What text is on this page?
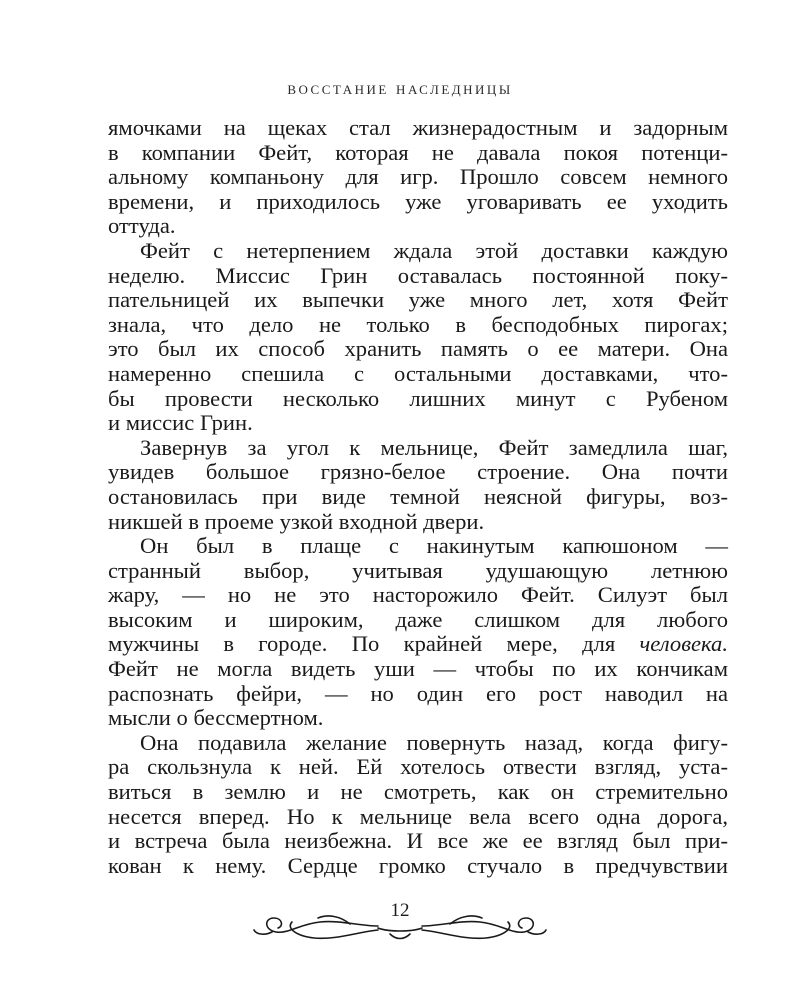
восстание наследницы
ямочками на щеках стал жизнерадостным и задорным
в компании Фейт, которая не давала покоя потенци-
альному компаньону для игр. Прошло совсем немного
времени, и приходилось уже уговаривать ее уходить
оттуда.
Фейт с нетерпением ждала этой доставки каждую
неделю. Миссис Грин оставалась постоянной поку-
пательницей их выпечки уже много лет, хотя Фейт
знала, что дело не только в бесподобных пирогах;
это был их способ хранить память о ее матери. Она
намеренно спешила с остальными доставками, что-
бы провести несколько лишних минут с Рубеном
и миссис Грин.
Завернув за угол к мельнице, Фейт замедлила шаг,
увидев большое грязно-белое строение. Она почти
остановилась при виде темной неясной фигуры, воз-
никшей в проеме узкой входной двери.
Он был в плаще с накинутым капюшоном —
странный выбор, учитывая удушающую летнюю
жару, — но не это насторожило Фейт. Силуэт был
высоким и широким, даже слишком для любого
мужчины в городе. По крайней мере, для человека.
Фейт не могла видеть уши — чтобы по их кончикам
распознать фейри, — но один его рост наводил на
мысли о бессмертном.
Она подавила желание повернуть назад, когда фигу-
ра скользнула к ней. Ей хотелось отвести взгляд, уста-
виться в землю и не смотреть, как он стремительно
несется вперед. Но к мельнице вела всего одна дорога,
и встреча была неизбежна. И все же ее взгляд был при-
кован к нему. Сердце громко стучало в предчувствии
12
